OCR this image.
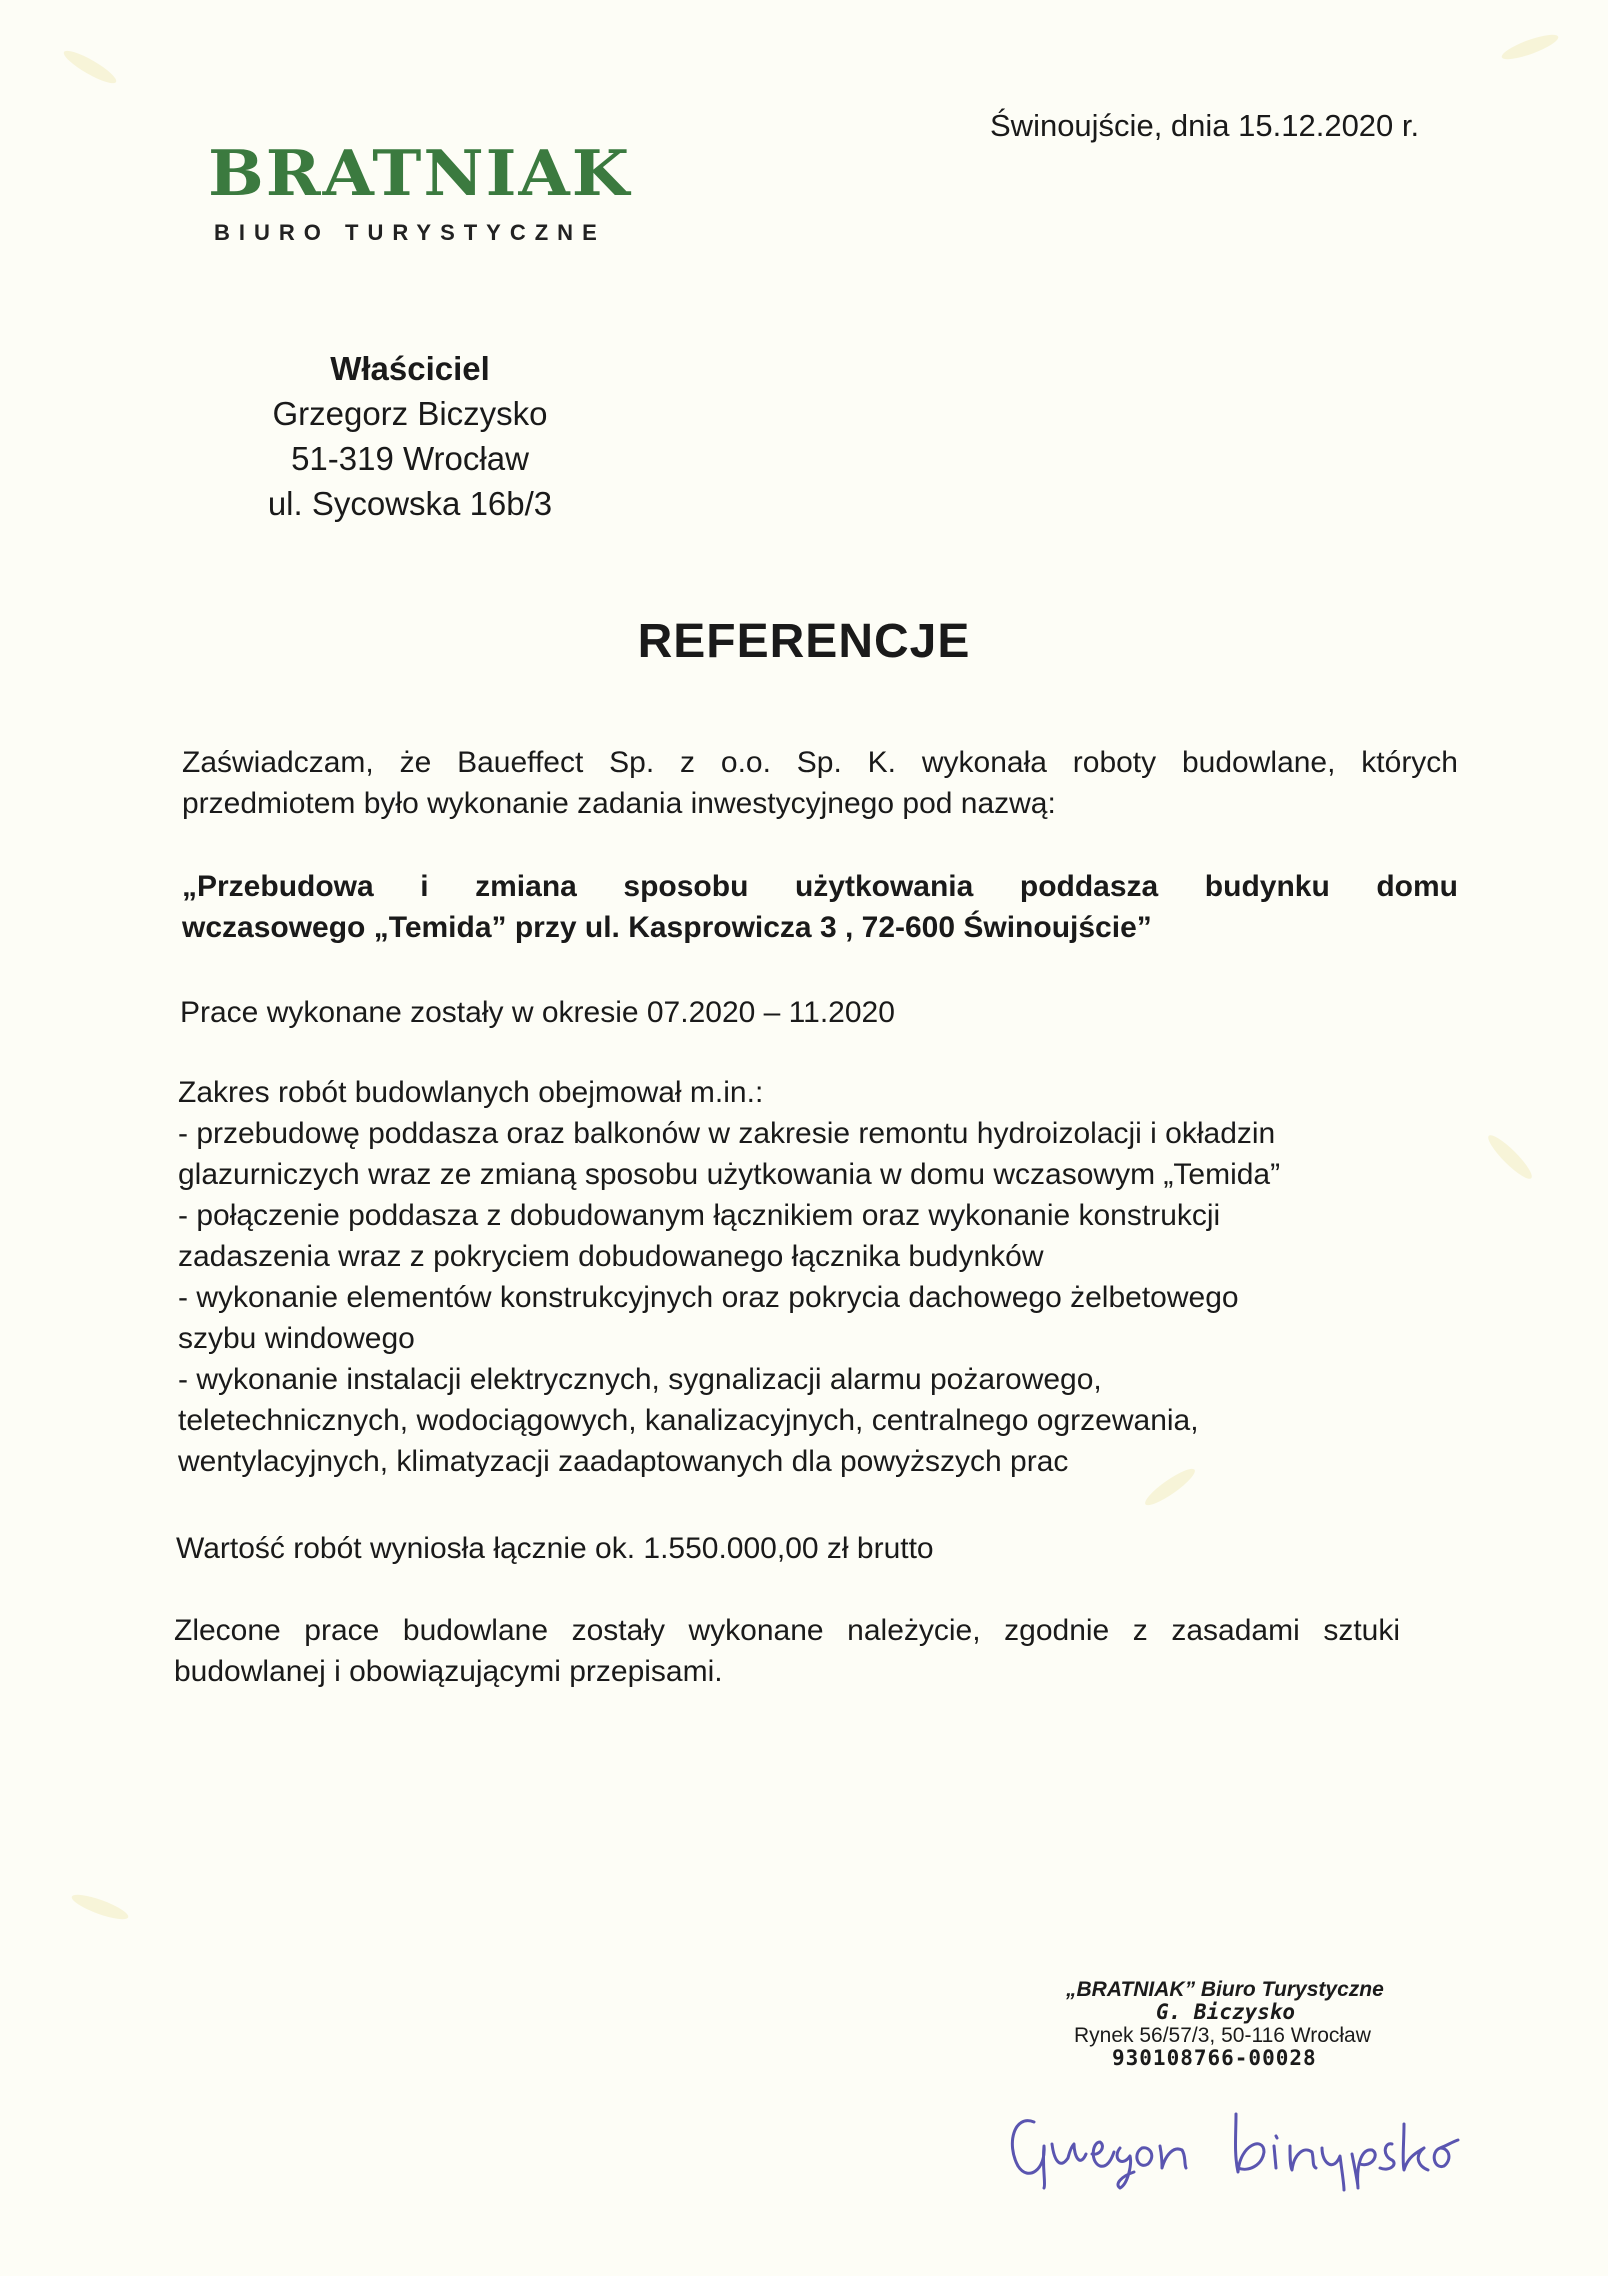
BRATNIAK
BIURO TURYSTYCZNE
Świnoujście, dnia 15.12.2020 r.
Właściciel
Grzegorz Biczysko
51-319 Wrocław
ul. Sycowska 16b/3
REFERENCJE
Zaświadczam, że Baueffect Sp. z o.o. Sp. K. wykonała roboty budowlane, których
przedmiotem było wykonanie zadania inwestycyjnego pod nazwą:
„Przebudowa i zmiana sposobu użytkowania poddasza budynku domu
wczasowego „Temida” przy ul. Kasprowicza 3 , 72-600 Świnoujście”
Prace wykonane zostały w okresie 07.2020 – 11.2020
Zakres robót budowlanych obejmował m.in.:
- przebudowę poddasza oraz balkonów w zakresie remontu hydroizolacji i okładzin
glazurniczych wraz ze zmianą sposobu użytkowania w domu wczasowym „Temida”
- połączenie poddasza z dobudowanym łącznikiem oraz wykonanie konstrukcji
zadaszenia wraz z pokryciem dobudowanego łącznika budynków
- wykonanie elementów konstrukcyjnych oraz pokrycia dachowego żelbetowego
szybu windowego
- wykonanie instalacji elektrycznych, sygnalizacji alarmu pożarowego,
teletechnicznych, wodociągowych, kanalizacyjnych, centralnego ogrzewania,
wentylacyjnych, klimatyzacji zaadaptowanych dla powyższych prac
Wartość robót wyniosła łącznie ok. 1.550.000,00 zł brutto
Zlecone prace budowlane zostały wykonane należycie, zgodnie z zasadami sztuki
budowlanej i obowiązującymi przepisami.
„BRATNIAK” Biuro Turystyczne
G. Biczysko
Rynek 56/57/3, 50-116 Wrocław
930108766-00028
